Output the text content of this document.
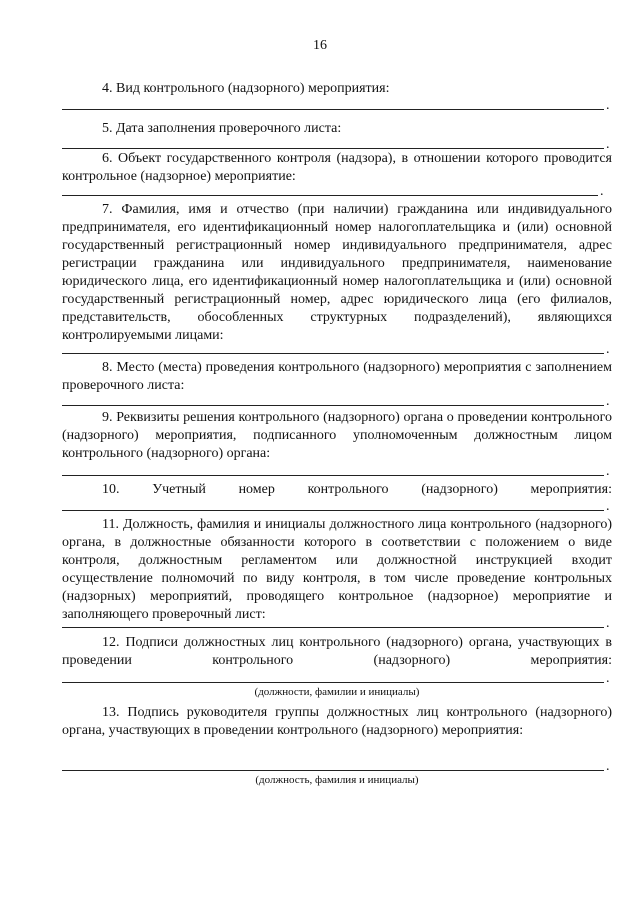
16

4. Вид контрольного (надзорного) мероприятия:

.

5. Дата заполнения проверочного листа:

.

6. Объект государственного контроля (надзора), в отношении которого проводится контрольное (надзорное) мероприятие:

.

7. Фамилия, имя и отчество (при наличии) гражданина или индивидуального предпринимателя, его идентификационный номер налогоплательщика и (или) основной государственный регистрационный номер индивидуального предпринимателя, адрес регистрации гражданина или индивидуального предпринимателя, наименование юридического лица, его идентификационный номер налогоплательщика и (или) основной государственный регистрационный номер, адрес юридического лица (его филиалов, представительств, обособленных структурных подразделений), являющихся контролируемыми лицами:

.

8. Место (места) проведения контрольного (надзорного) мероприятия с заполнением проверочного листа:

.

9. Реквизиты решения контрольного (надзорного) органа о проведении контрольного (надзорного) мероприятия, подписанного уполномоченным должностным лицом контрольного (надзорного) органа:

.

10. Учетный номер контрольного (надзорного) мероприятия:

.

11. Должность, фамилия и инициалы должностного лица контрольного (надзорного) органа, в должностные обязанности которого в соответствии с положением о виде контроля, должностным регламентом или должностной инструкцией входит осуществление полномочий по виду контроля, в том числе проведение контрольных (надзорных) мероприятий, проводящего контрольное (надзорное) мероприятие и заполняющего проверочный лист:

.

12. Подписи должностных лиц контрольного (надзорного) органа, участвующих в проведении контрольного (надзорного) мероприятия:

.
(должности, фамилии и инициалы)

13. Подпись руководителя группы должностных лиц контрольного (надзорного) органа, участвующих в проведении контрольного (надзорного) мероприятия:

.
(должность, фамилия и инициалы)
